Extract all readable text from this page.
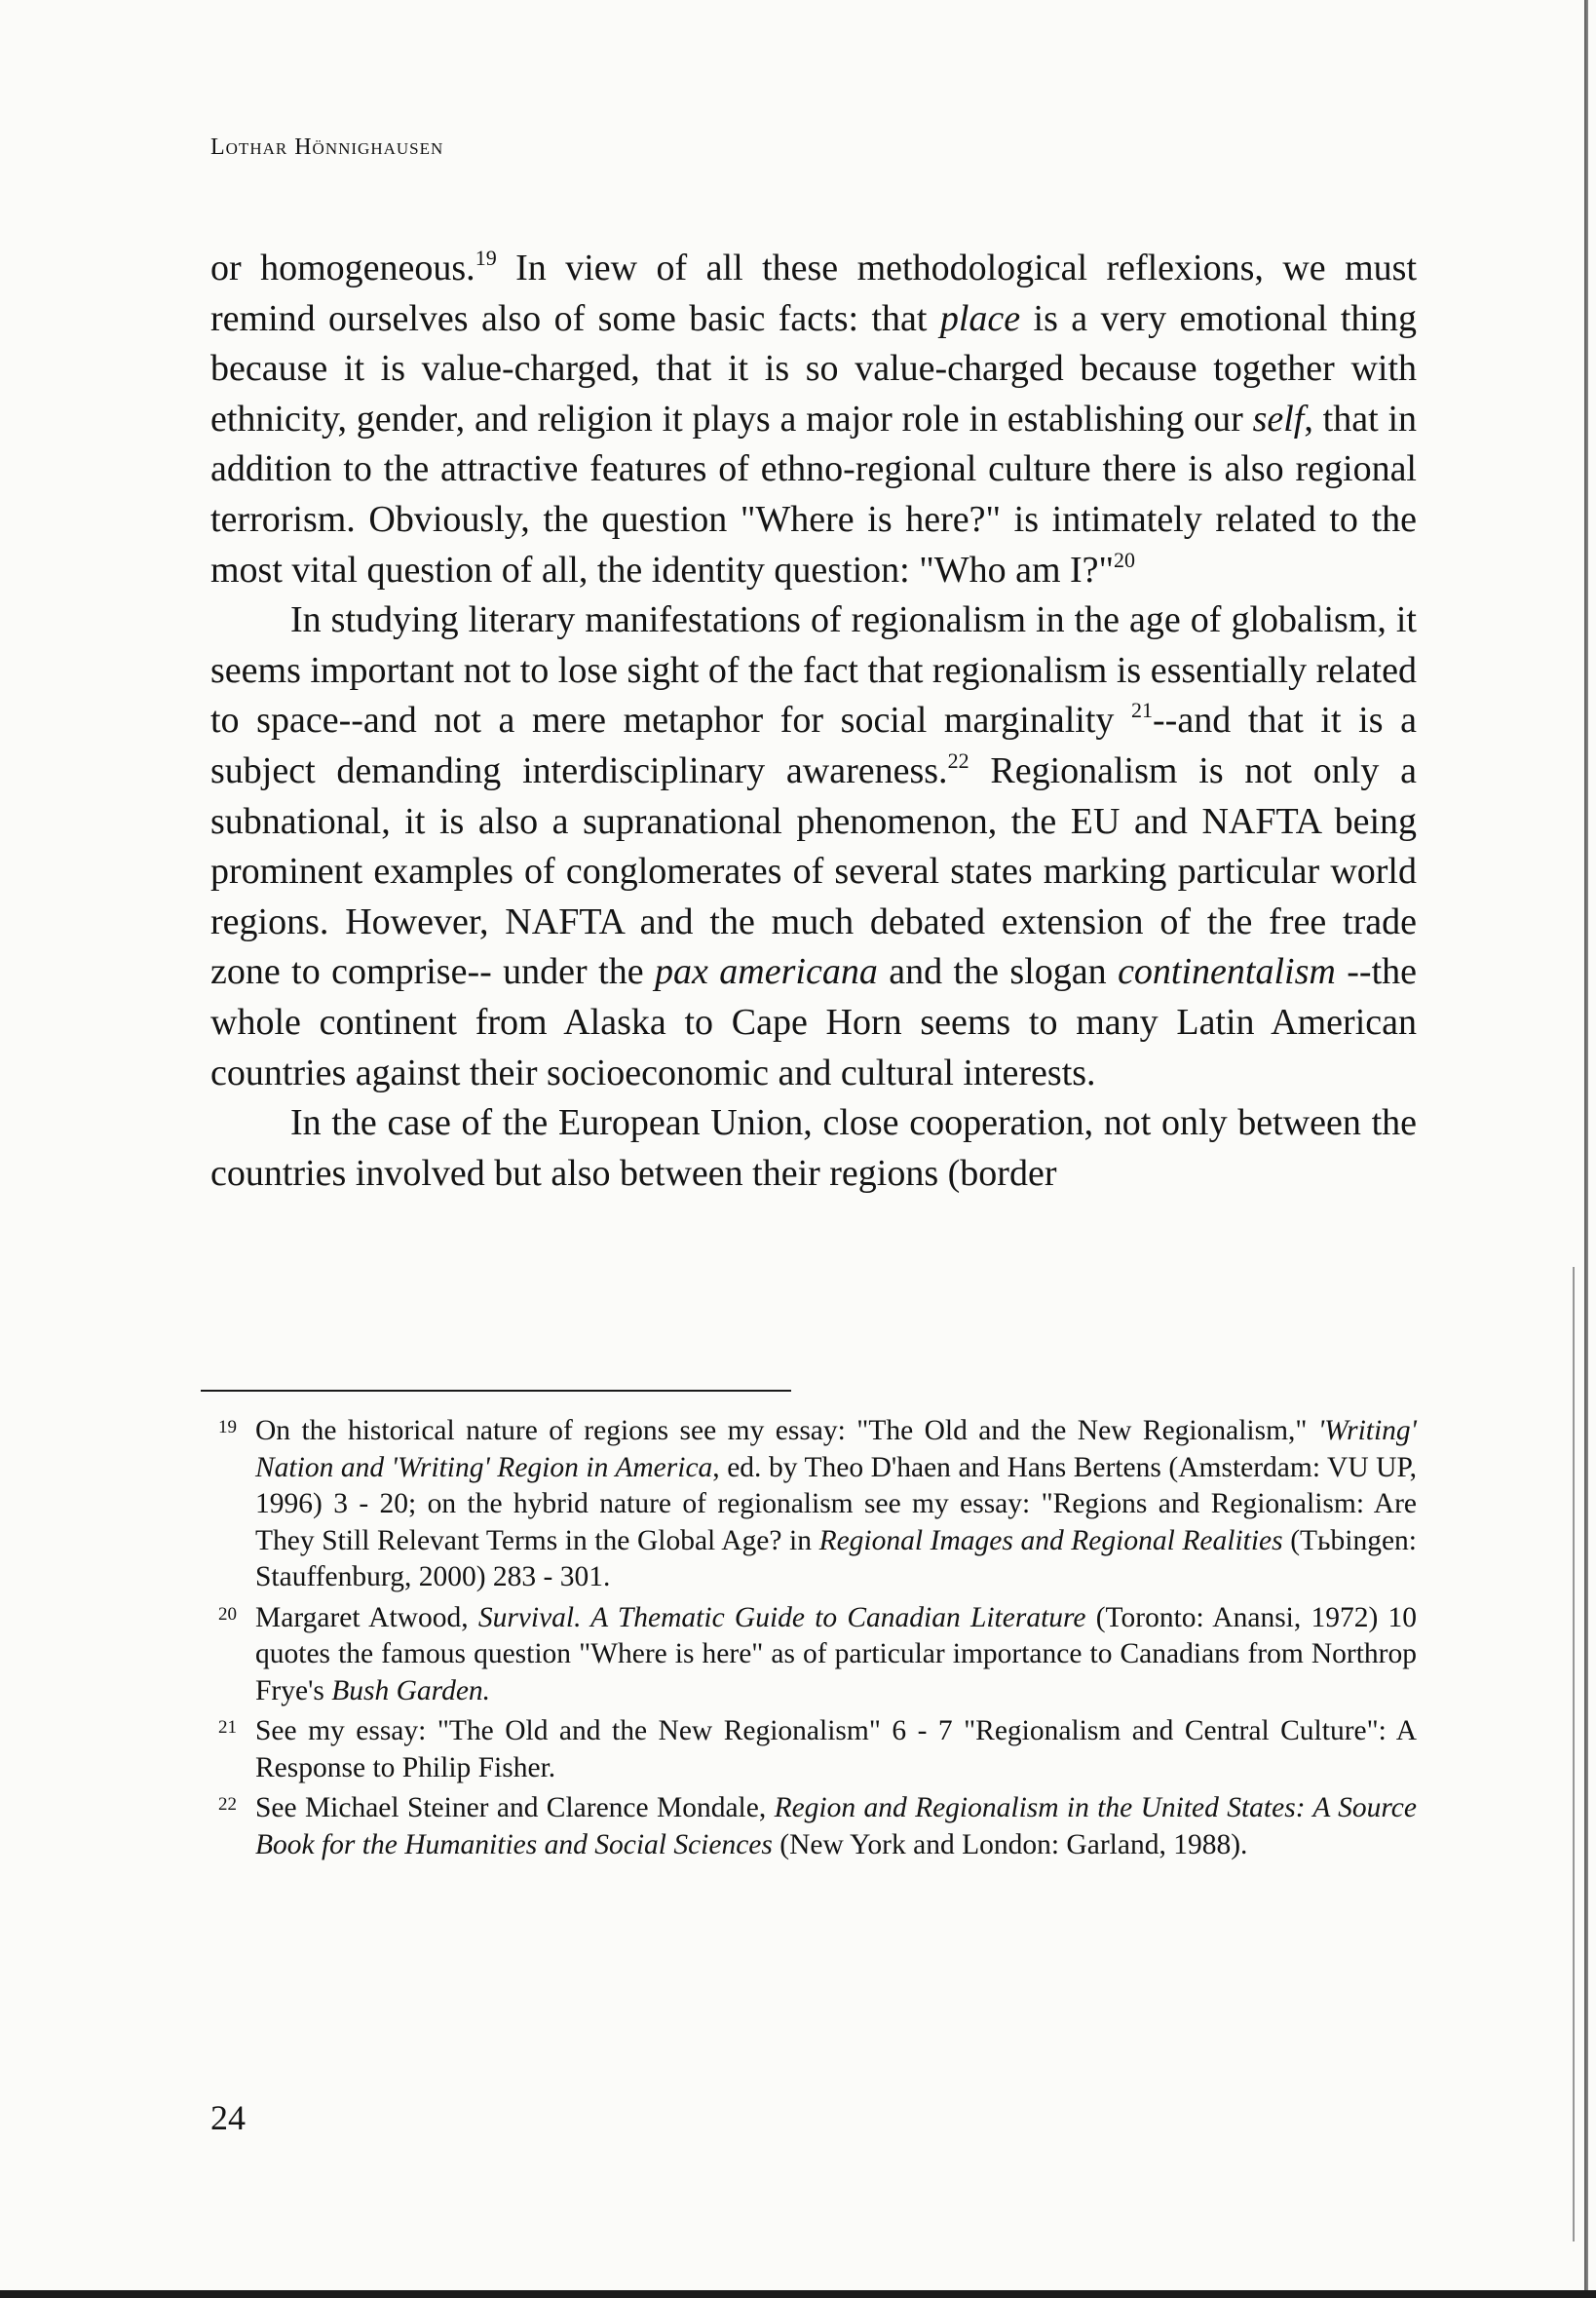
Lothar Hönnighausen

or homogeneous.$^{19}$ In view of all these methodological reflexions, we must remind ourselves also of some basic facts: that place is a very emotional thing because it is value-charged, that it is so value-charged because together with ethnicity, gender, and religion it plays a major role in establishing our self, that in addition to the attractive features of ethno-regional culture there is also regional terrorism. Obviously, the question "Where is here?" is intimately related to the most vital question of all, the identity question: "Who am I?"$^{20}$

In studying literary manifestations of regionalism in the age of globalism, it seems important not to lose sight of the fact that regionalism is essentially related to space--and not a mere metaphor for social marginality $^{21}$--and that it is a subject demanding interdisciplinary awareness.$^{22}$ Regionalism is not only a subnational, it is also a supranational phenomenon, the EU and NAFTA being prominent examples of conglomerates of several states marking particular world regions. However, NAFTA and the much debated extension of the free trade zone to comprise-- under the pax americana and the slogan continentalism --the whole continent from Alaska to Cape Horn seems to many Latin American countries against their socioeconomic and cultural interests.

In the case of the European Union, close cooperation, not only between the countries involved but also between their regions (border

19 On the historical nature of regions see my essay: "The Old and the New Regionalism," 'Writing' Nation and 'Writing' Region in America, ed. by Theo D'haen and Hans Bertens (Amsterdam: VU UP, 1996) 3 - 20; on the hybrid nature of regionalism see my essay: "Regions and Regionalism: Are They Still Relevant Terms in the Global Age? in Regional Images and Regional Realities (Tьbingen: Stauffenburg, 2000) 283 - 301.
20 Margaret Atwood, Survival. A Thematic Guide to Canadian Literature (Toronto: Anansi, 1972) 10 quotes the famous question "Where is here" as of particular importance to Canadians from Northrop Frye's Bush Garden.
21 See my essay: "The Old and the New Regionalism" 6 - 7 "Regionalism and Central Culture": A Response to Philip Fisher.
22 See Michael Steiner and Clarence Mondale, Region and Regionalism in the United States: A Source Book for the Humanities and Social Sciences (New York and London: Garland, 1988).
24
